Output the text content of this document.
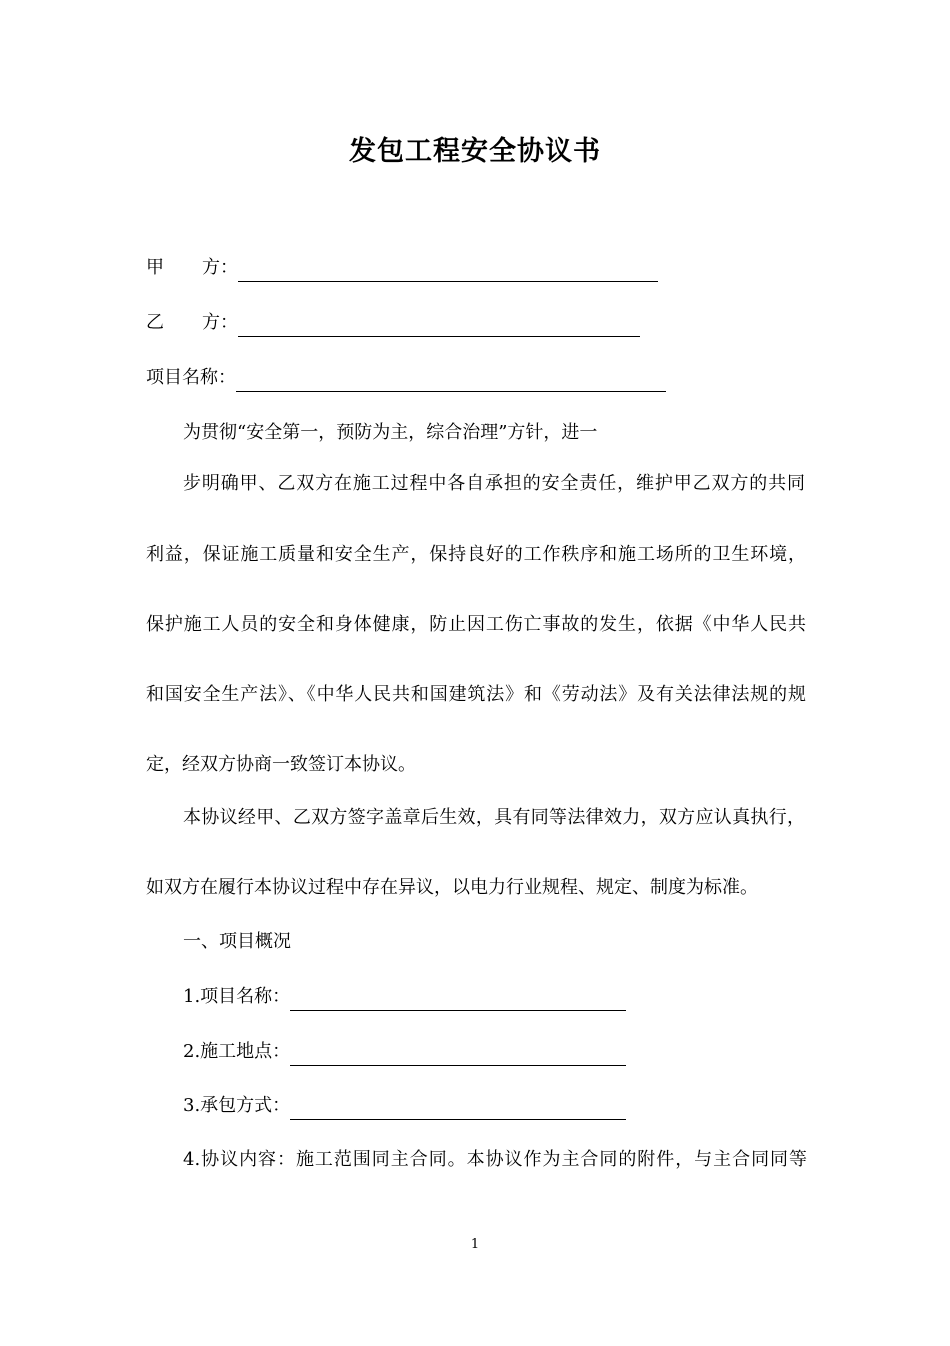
发包工程安全协议书
甲 方：
乙 方：
项目名称：
为贯彻“安全第一，预防为主，综合治理”方针，进一
步明确甲、乙双方在施工过程中各自承担的安全责任，维护甲乙双方的共同
利益，保证施工质量和安全生产，保持良好的工作秩序和施工场所的卫生环境，
保护施工人员的安全和身体健康，防止因工伤亡事故的发生，依据《中华人民共
和国安全生产法》、《中华人民共和国建筑法》和《劳动法》及有关法律法规的规
定，经双方协商一致签订本协议。
本协议经甲、乙双方签字盖章后生效，具有同等法律效力，双方应认真执行，
如双方在履行本协议过程中存在异议，以电力行业规程、规定、制度为标准。
一、项目概况
1.项目名称：
2.施工地点：
3.承包方式：
4.协议内容：施工范围同主合同。本协议作为主合同的附件，与主合同同等
1
